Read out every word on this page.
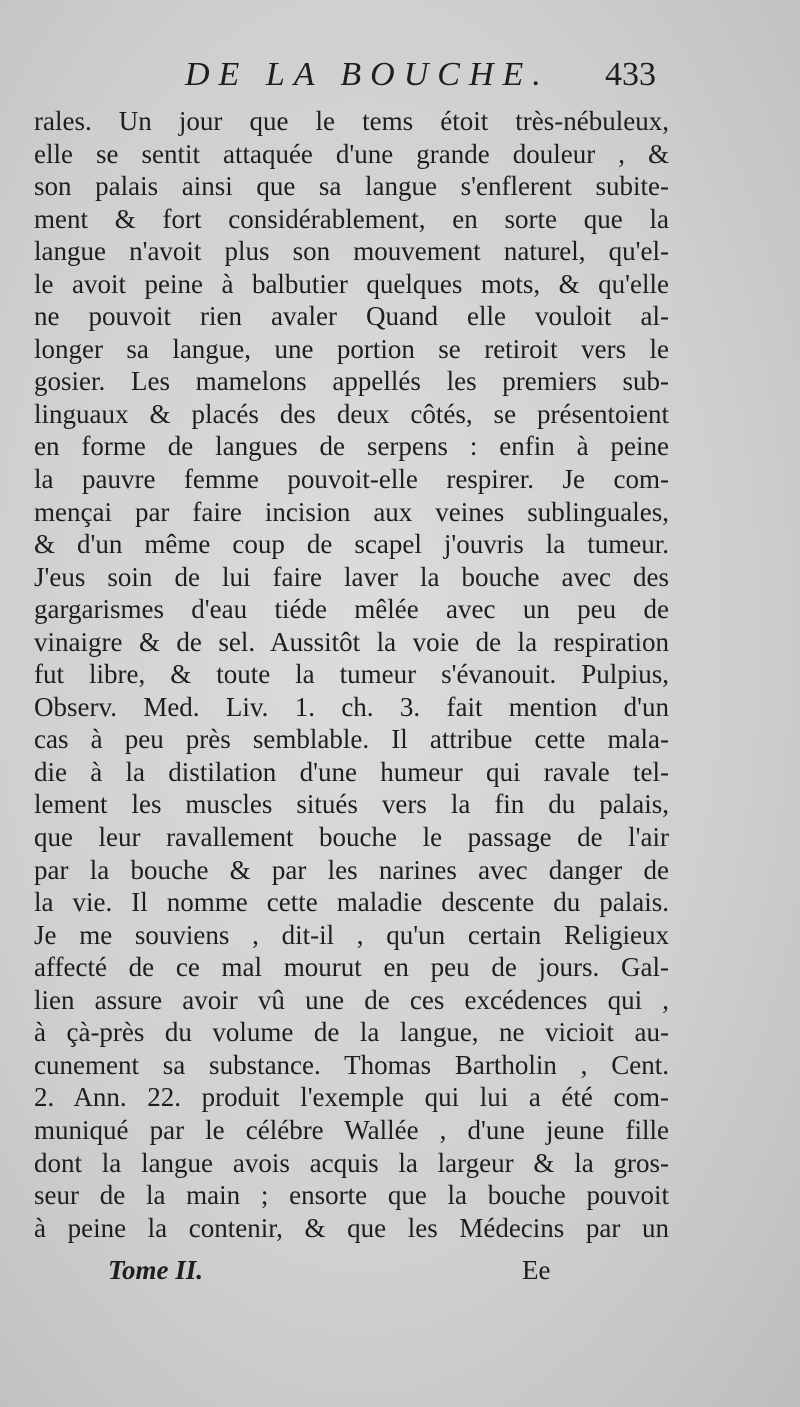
DE LA BOUCHE. 433
rales. Un jour que le tems étoit très-nébuleux,
elle se sentit attaquée d'une grande douleur , &
son palais ainsi que sa langue s'enflerent subite-
ment & fort considérablement, en sorte que la
langue n'avoit plus son mouvement naturel, qu'el-
le avoit peine à balbutier quelques mots, & qu'elle
ne pouvoit rien avaler Quand elle vouloit al-
longer sa langue, une portion se retiroit vers le
gosier. Les mamelons appellés les premiers sub-
linguaux & placés des deux côtés, se présentoient
en forme de langues de serpens : enfin à peine
la pauvre femme pouvoit-elle respirer. Je com-
mençai par faire incision aux veines sublinguales,
& d'un même coup de scapel j'ouvris la tumeur.
J'eus soin de lui faire laver la bouche avec des
gargarismes d'eau tiéde mêlée avec un peu de
vinaigre & de sel. Aussitôt la voie de la respiration
fut libre, & toute la tumeur s'évanouit. Pulpius,
Observ. Med. Liv. 1. ch. 3. fait mention d'un
cas à peu près semblable. Il attribue cette mala-
die à la distilation d'une humeur qui ravale tel-
lement les muscles situés vers la fin du palais,
que leur ravallement bouche le passage de l'air
par la bouche & par les narines avec danger de
la vie. Il nomme cette maladie descente du palais.
Je me souviens , dit-il , qu'un certain Religieux
affecté de ce mal mourut en peu de jours. Gal-
lien assure avoir vû une de ces excédences qui ,
à çà-près du volume de la langue, ne vicioit au-
cunement sa substance. Thomas Bartholin , Cent.
2. Ann. 22. produit l'exemple qui lui a été com-
muniqué par le célébre Wallée , d'une jeune fille
dont la langue avois acquis la largeur & la gros-
seur de la main ; ensorte que la bouche pouvoit
à peine la contenir, & que les Médecins par un
Tome II.	Ee
